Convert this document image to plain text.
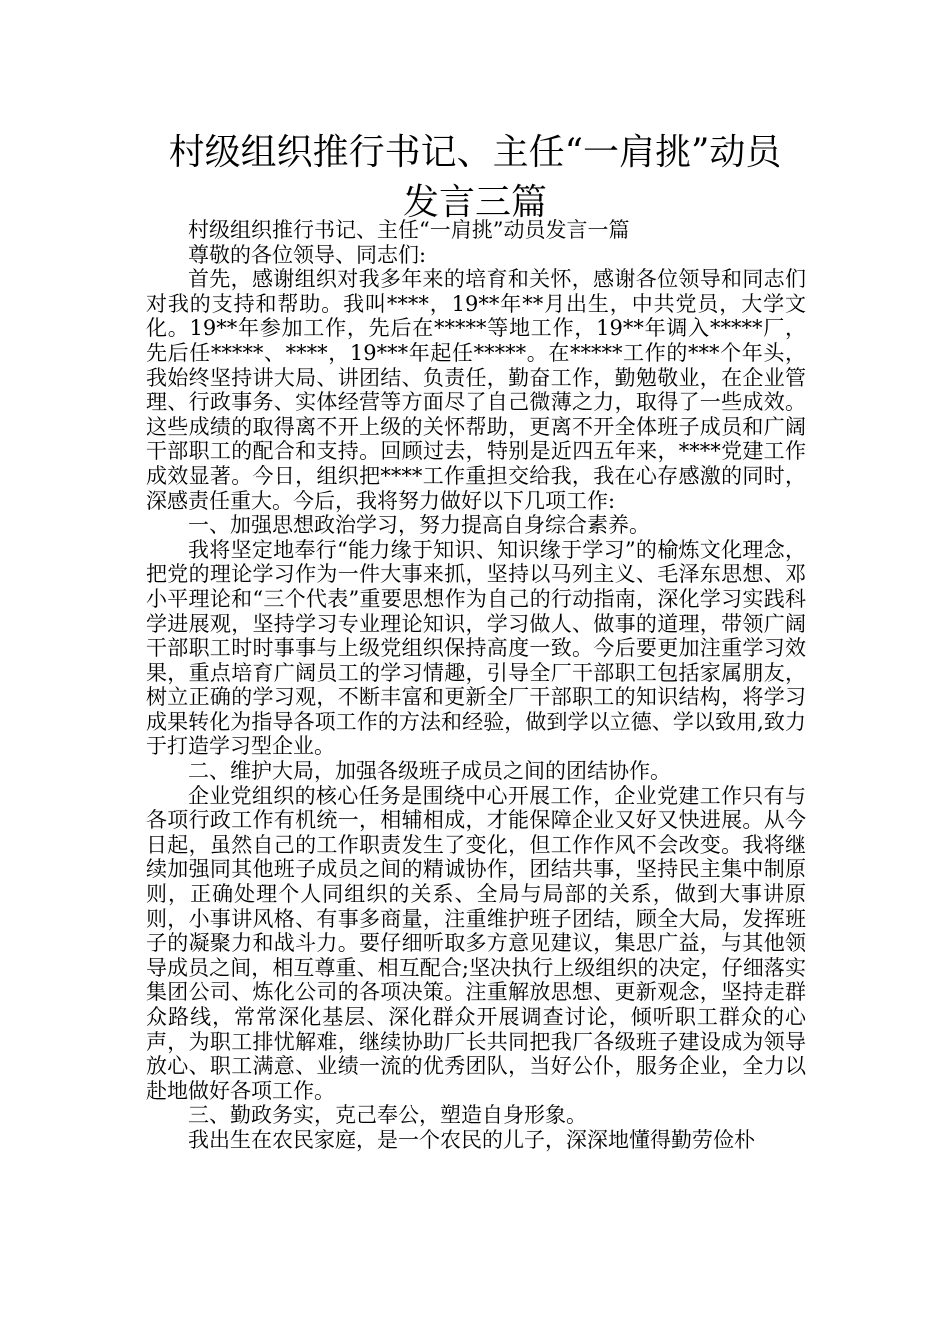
村级组织推行书记、主任“一肩挑”动员
发言三篇

村级组织推行书记、主任“一肩挑”动员发言一篇

尊敬的各位领导、同志们:

首先，感谢组织对我多年来的培育和关怀，感谢各位领导和同志们对我的支持和帮助。我叫****，19**年**月出生，中共党员，大学文化。19**年参加工作，先后在*****等地工作，19**年调入*****厂，先后任*****、****，19***年起任*****。在*****工作的***个年头，我始终坚持讲大局、讲团结、负责任，勤奋工作，勤勉敬业，在企业管理、行政事务、实体经营等方面尽了自己微薄之力，取得了一些成效。这些成绩的取得离不开上级的关怀帮助，更离不开全体班子成员和广阔干部职工的配合和支持。回顾过去，特别是近四五年来，****党建工作成效显著。今日，组织把****工作重担交给我，我在心存感激的同时，深感责任重大。今后，我将努力做好以下几项工作:

一、加强思想政治学习，努力提高自身综合素养。

我将坚定地奉行“能力缘于知识、知识缘于学习”的榆炼文化理念，把党的理论学习作为一件大事来抓，坚持以马列主义、毛泽东思想、邓小平理论和“三个代表”重要思想作为自己的行动指南，深化学习实践科学进展观，坚持学习专业理论知识，学习做人、做事的道理，带领广阔干部职工时时事事与上级党组织保持高度一致。今后要更加注重学习效果，重点培育广阔员工的学习情趣，引导全厂干部职工包括家属朋友，树立正确的学习观，不断丰富和更新全厂干部职工的知识结构，将学习成果转化为指导各项工作的方法和经验，做到学以立德、学以致用,致力于打造学习型企业。

二、维护大局，加强各级班子成员之间的团结协作。

企业党组织的核心任务是围绕中心开展工作，企业党建工作只有与各项行政工作有机统一，相辅相成，才能保障企业又好又快进展。从今日起，虽然自己的工作职责发生了变化，但工作作风不会改变。我将继续加强同其他班子成员之间的精诚协作，团结共事，坚持民主集中制原则，正确处理个人同组织的关系、全局与局部的关系，做到大事讲原则，小事讲风格、有事多商量，注重维护班子团结，顾全大局，发挥班子的凝聚力和战斗力。要仔细听取多方意见建议，集思广益，与其他领导成员之间，相互尊重、相互配合;坚决执行上级组织的决定，仔细落实集团公司、炼化公司的各项决策。注重解放思想、更新观念，坚持走群众路线，常常深化基层、深化群众开展调查讨论，倾听职工群众的心声，为职工排忧解难，继续协助厂长共同把我厂各级班子建设成为领导放心、职工满意、业绩一流的优秀团队，当好公仆，服务企业，全力以赴地做好各项工作。

三、勤政务实，克己奉公，塑造自身形象。

我出生在农民家庭，是一个农民的儿子，深深地懂得勤劳俭朴
